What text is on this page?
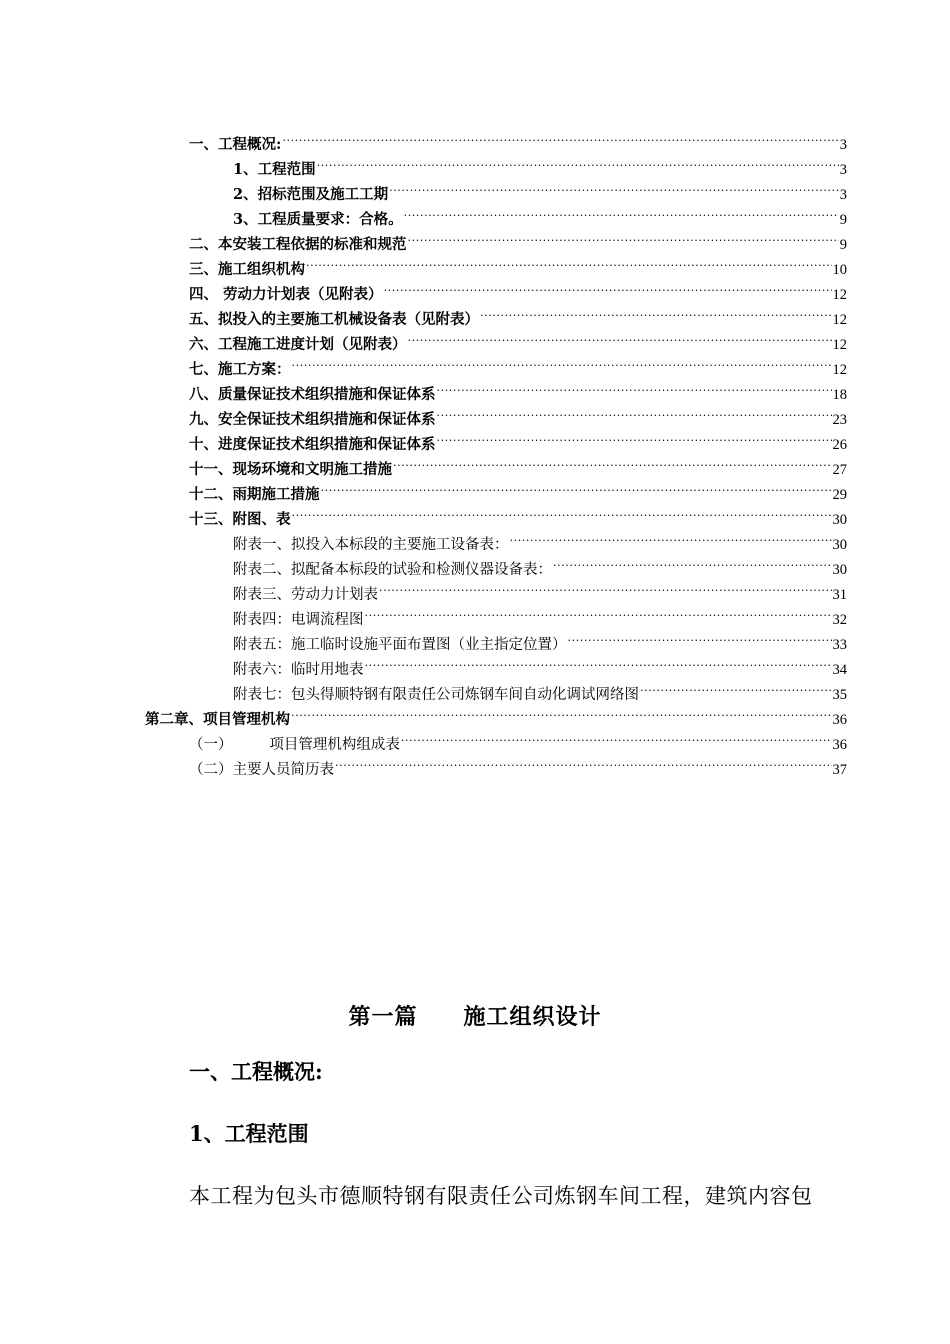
一、工程概况: .....	3
1、工程范围 .....	3
2、招标范围及施工工期 .....	3
3、工程质量要求：合格。 .....	9
二、本安装工程依据的标准和规范 .....	9
三、施工组织机构 .....	10
四、 劳动力计划表（见附表） .....	12
五、拟投入的主要施工机械设备表（见附表） .....	12
六、工程施工进度计划（见附表） .....	12
七、施工方案： .....	12
八、质量保证技术组织措施和保证体系 .....	18
九、安全保证技术组织措施和保证体系 .....	23
十、进度保证技术组织措施和保证体系 .....	26
十一、现场环境和文明施工措施 .....	27
十二、雨期施工措施 .....	29
十三、附图、表 .....	30
附表一、拟投入本标段的主要施工设备表： .....	30
附表二、拟配备本标段的试验和检测仪器设备表： .....	30
附表三、劳动力计划表 .....	31
附表四：电调流程图 .....	32
附表五：施工临时设施平面布置图（业主指定位置） .....	33
附表六：临时用地表 .....	34
附表七：包头得顺特钢有限责任公司炼钢车间自动化调试网络图 .....	35
第二章、项目管理机构 .....	36
（一）        项目管理机构组成表 .....	36
（二）主要人员简历表 .....	37
第一篇 施工组织设计
一、工程概况:
1、工程范围
本工程为包头市德顺特钢有限责任公司炼钢车间工程，建筑内容包
